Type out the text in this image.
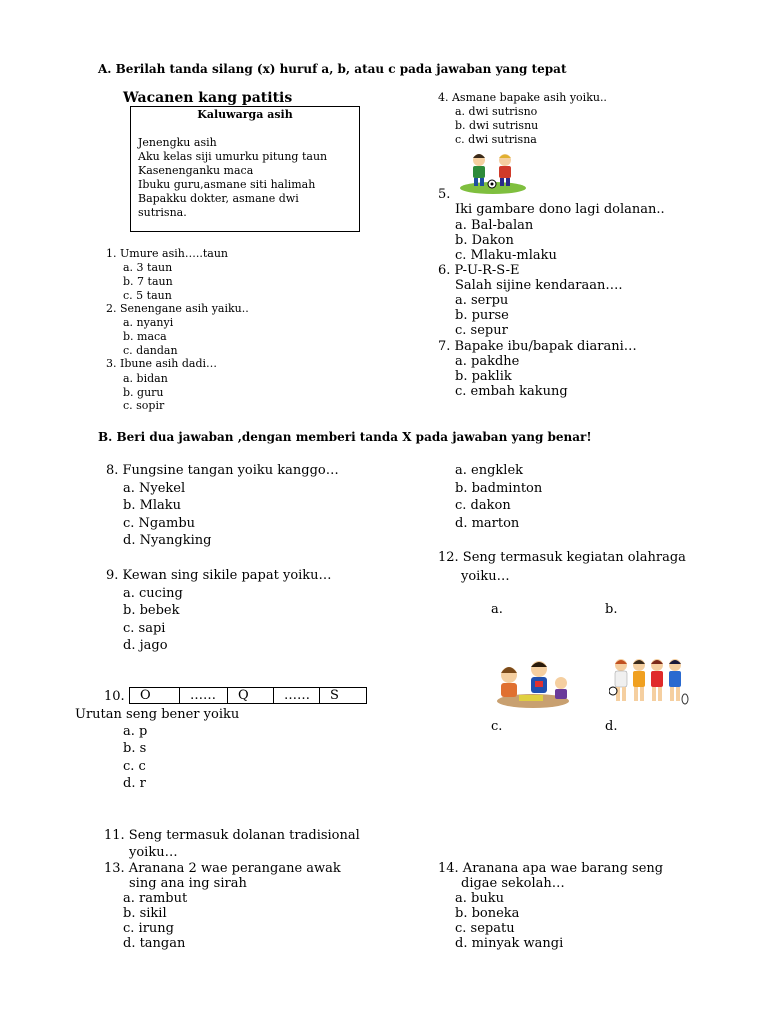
A. Berilah tanda silang (x) huruf a, b, atau c pada jawaban yang tepat
Wacanen kang patitis
Kaluwarga asih
Jenengku asih
Aku kelas siji umurku pitung taun
Kasenenganku maca
Ibuku guru,asmane siti halimah
Bapakku dokter, asmane dwi
sutrisna.
1. Umure asih…..taun
a. 3 taun
b. 7 taun
c. 5 taun
2. Senengane asih yaiku..
a. nyanyi
b. maca
c. dandan
3. Ibune asih dadi…
a. bidan
b. guru
c. sopir
4. Asmane bapake asih yoiku..
a. dwi sutrisno
b. dwi sutrisnu
c. dwi sutrisna
5.
Iki gambare dono lagi dolanan..
a. Bal-balan
b. Dakon
c. Mlaku-mlaku
6. P-U-R-S-E
Salah sijine kendaraan….
a. serpu
b. purse
c. sepur
7. Bapake ibu/bapak diarani…
a. pakdhe
b. paklik
c. embah kakung
B. Beri dua jawaban ,dengan memberi tanda X pada jawaban yang benar!
8. Fungsine tangan yoiku kanggo…
a. Nyekel
b. Mlaku
c. Ngambu
d. Nyangking
9. Kewan sing sikile papat yoiku…
a. cucing
b. bebek
c. sapi
d. jago
10.	O	……	Q	……	S
Urutan seng bener yoiku
a. p
b. s
c. c
d. r
a. engklek
b. badminton
c. dakon
d. marton
12. Seng termasuk kegiatan olahraga
yoiku…
a.	b.
c.	d.
11. Seng termasuk dolanan tradisional
yoiku…
13. Aranana 2 wae perangane awak
sing ana ing sirah
a. rambut
b. sikil
c. irung
d. tangan
14. Aranana apa wae barang seng
digae sekolah…
a. buku
b. boneka
c. sepatu
d. minyak wangi
